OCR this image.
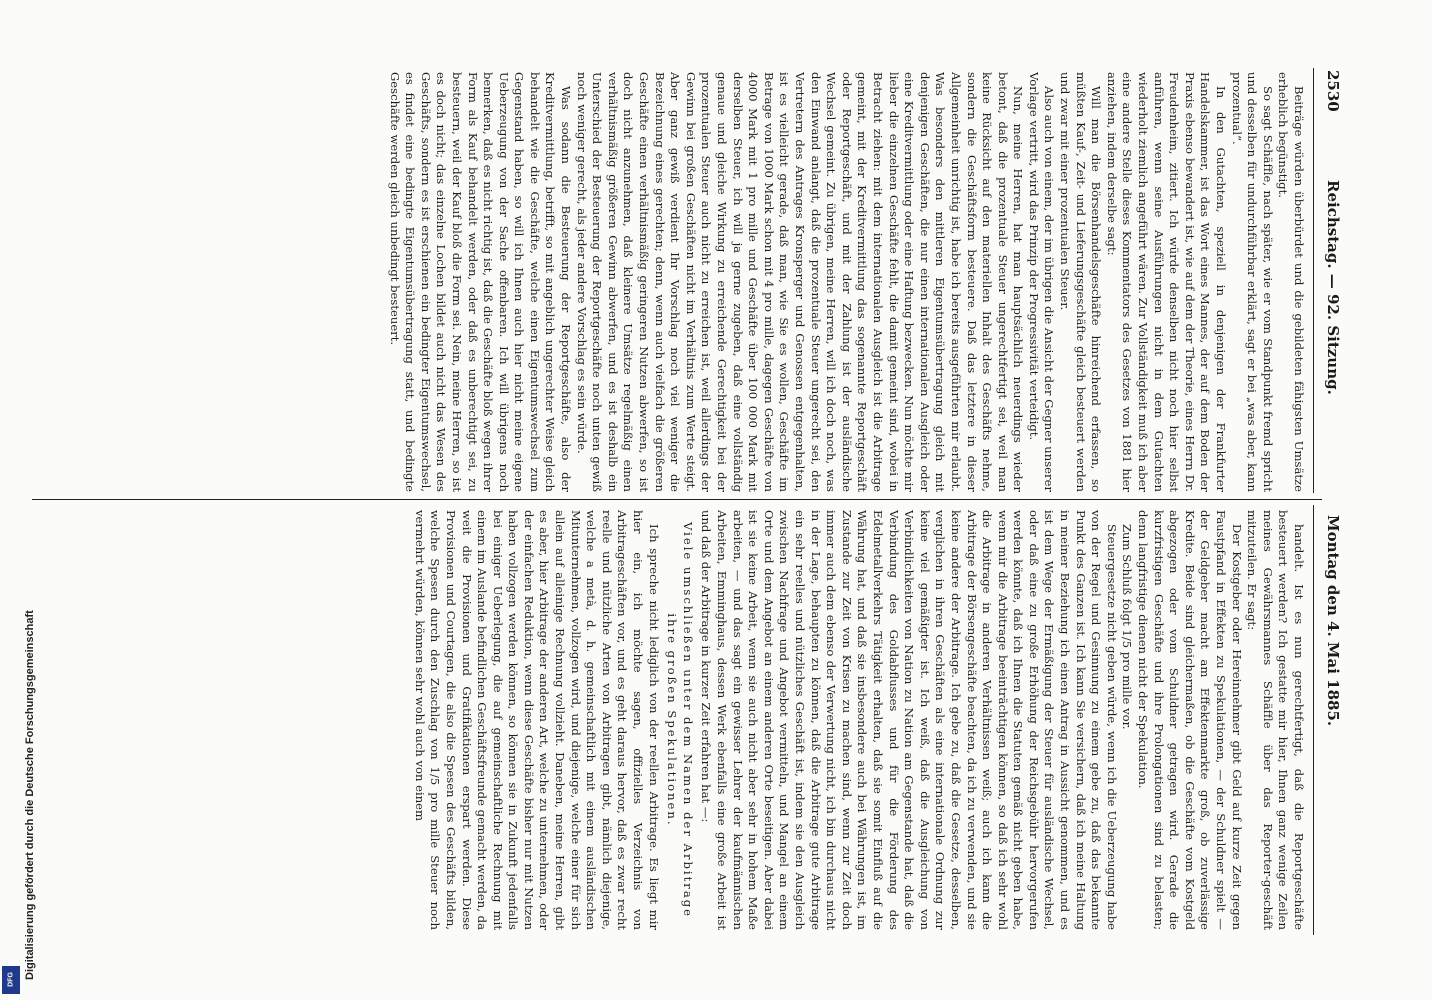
2530
Reichstag. — 92. Sitzung.
Montag den 4. Mai 1885.

Beiträge würden überbürdet und die gebildeten fähigsten Umsätze erheblich begünstigt.

So sagt Schäffle, nach später, wie er vom Standpunkt fremd spricht und desselben für undurchführbar erklärt, sagt er bei „was aber, kann prozentual“.

In den Gutachten, speziell in denjenigen der Frankfurter Handelskammer, ist das Wort eines Mannes, der auf dem Boden der Praxis ebenso bewandert ist, wie auf dem der Theorie, eines Herrn Dr. Freudenheim, zitiert. Ich würde denselben nicht noch hier selbst anführen, wenn seine Ausführungen nicht in dem Gutachten wiederholt ziemlich angeführt wären. Zur Vollständigkeit muß ich aber eine andere Stelle dieses Kommentators des Gesetzes von 1881 hier anziehen, indem derselbe sagt:

Will man die Börsenhandelsgeschäfte hinreichend erfassen, so müßten Kauf-, Zeit- und Lieferungsgeschäfte gleich besteuert werden und zwar mit einer prozentualen Steuer.

Also auch von einem, der im übrigen die Ansicht der Gegner unserer Vorlage vertritt, wird das Prinzip der Progressivität verteidigt.

Nun, meine Herren, hat man hauptsächlich neuerdings wieder betont, daß die prozentuale Steuer ungerechtfertigt sei, weil man keine Rücksicht auf den materiellen Inhalt des Geschäfts nehme, sondern die Geschäftsform besteuere. Daß das letztere in dieser Allgemeinheit unrichtig ist, habe ich bereits ausgeführten mir erlaubt. Was besonders den mittleren Eigentumsübertragung gleich mit denjenigen Geschäften, die nur einen internationalen Ausgleich oder eine Kreditvermittlung oder eine Haftung bezwecken. Nun möchte mir lieber die einzelnen Geschäfte fehlt, die damit gemeint sind, wobei in Betracht ziehen: mit dem internationalen Ausgleich ist die Arbitrage gemeint, mit der Kreditvermittlung das sogenannte Reportgeschäft oder Reportgeschäft, und mit der Zahlung ist der ausländische Wechsel gemeint. Zu übrigen, meine Herren, will ich doch noch, was den Einwand anlangt, daß die prozentuale Steuer ungerecht sei, den Vertretern des Antrages Kronsperger und Genossen entgegenhalten, ist es vielleicht gerade, daß man, wie Sie es wollen, Geschäfte im Betrage von 1000 Mark schon mit 4 pro mille, dagegen Geschäfte von 4000 Mark mit 1 pro mille und Geschäfte über 100 000 Mark mit derselben Steuer, ich will ja gerne zugeben, daß eine vollständig genaue und gleiche Wirkung zu erreichende Gerechtigkeit bei der prozentualen Steuer auch nicht zu erreichen ist, weil allerdings der Gewinn bei großen Geschäften nicht im Verhältnis zum Werte steigt. Aber ganz gewiß verdient Ihr Vorschlag noch viel weniger die Bezeichnung eines gerechten; denn, wenn auch vielfach die größeren Geschäfte einen verhältnismäßig geringeren Nutzen abwerfen, so ist doch nicht anzunehmen, daß kleinere Umsätze regelmäßig einen verhältnismäßig größeren Gewinn abwerfen, und es ist deshalb ein Unterschied der Besteuerung der Reportgeschäfte noch unten gewiß noch weniger gerecht, als jeder andere Vorschlag es sein würde.

Was sodann die Besteuerung der Reportgeschäfte, also der Kreditvermittlung, betrifft, so mit angeblich ungerechter Weise gleich behandelt wie die Geschäfte, welche einen Eigentumswechsel zum Gegenstand haben, so will ich Ihnen auch hier nicht meine eigene Ueberzeugung von der Sache offenbaren. Ich will übrigens noch bemerken, daß es nicht richtig ist, daß die Geschäfte bloß wegen ihrer Form als Kauf behandelt werden, oder daß es unberechtigt sei, zu besteuern, weil der Kauf bloß die Form sei. Nein, meine Herren, so ist es doch nicht; das einzelne Lochen bildet auch nicht das Wesen des Geschäfts, sondern es ist erschienen ein bedingter Eigentumswechsel, es findet eine bedingte Eigentumsübertragung statt, und bedingte Geschäfte werden gleich unbedingt besteuert.

handelt. Ist es nun gerechtfertigt, daß die Reportgeschäfte besteuert werden? Ich gestatte mir hier, Ihnen ganz wenige Zeilen meines Gewährsmannes Schäffle über das Reporter-geschäft mitzuteilen. Er sagt:

Der Kostgeber oder Hereinnehmer gibt Geld auf kurze Zeit gegen Faustpfand in Effekten zu Spekulationen, — der Schuldner spielt — der Geldgeber macht am Effektenmarkte groß, ob zuverlässige Kredite. Beide sind gleichermaßen, ob die Geschäfte vom Kostgeld abgezogen oder vom Schuldner getragen wird. Gerade die kurzfristigen Geschäfte und ihre Prolongationen sind zu belasten; denn langfristige dienen nicht der Spekulation.

Zum Schluß folgt 1/5 pro mille vor.

Steuergesetze nicht geben würde, wenn ich die Ueberzeugung habe von der Regel und Gesinnung zu einem gebe zu, daß das bekannte Punkt des Ganzen ist. Ich kann Sie versichern, daß ich meine Haltung in meiner Beziehung ich einen Antrag in Aussicht genommen, und es ist dem Wege der Ermäßigung der Steuer für ausländische Wechsel, oder daß eine zu große Erhöhung der Reichsgebühr hervorgerufen werden könnte, daß ich Ihnen die Statuten gemäß nicht geben habe, wenn mir die Arbitrage beeinträchtigen können, so daß ich sehr wohl die Arbitrage in anderen Verhältnissen weiß; auch ich kann die Arbitrage der Börsengeschäfte beachten, da ich zu verwenden, und sie keine andere der Arbitrage. Ich gebe zu, daß die Gesetze, desselben, verglichen in ihren Geschäften als eine internationale Ordnung zur keine viel gemäßigter ist. Ich weiß, daß die Ausgleichung von Verbindlichkeiten von Nation zu Nation am Gegenstande hat, daß die Verbindung des Goldabflusses und für die Förderung des Edelmetallverkehrs Tätigkeit erhalten, daß sie somit Einfluß auf die Währung hat, und daß sie insbesondere auch bei Währungen ist, im Zustande zur Zeit von Krisen zu machen sind, wenn zur Zeit doch immer auch dem ebenso der Verwertung nicht, ich bin durchaus nicht in der Lage, behaupten zu können, daß die Arbitrage gute Arbitrage ein sehr reelles und nützliches Geschäft ist, indem sie den Ausgleich zwischen Nachfrage und Angebot vermitteln, und Mangel an einem Orte und dem Angebot an einem anderen Orte beseitigen. Aber dabei ist sie keine Arbeit, wenn sie auch nicht aber sehr in hohem Maße arbeiten, — und das sagt ein gewisser Lehrer der kaufmännischen Arbeiten, Emminghaus, dessen Werk ebenfalls eine große Arbeit ist und daß der Arbitrage in kurzer Zeit erfahren hat —:

Viele umschließen unter dem Namen der Arbitrage ihre großen Spekulationen.

Ich spreche nicht lediglich von der reellen Arbitrage. Es liegt mir hier ein, ich möchte sagen, offizielles Verzeichnis von Arbitrageschäften vor, und es geht daraus hervor, daß es zwar recht reelle und nützliche Arten von Arbitragen gibt, nämlich diejenige, welche a metà, d. h. gemeinschaftlich mit einem ausländischen Mitunternehmen, vollzogen wird, und diejenige, welche einer für sich allein auf alleinige Rechnung vollzieht. Daneben, meine Herren, gibt es aber, hier Arbitrage der anderen Art, welche zu unternehmen, oder der einfachen Reduktion, wenn diese Geschäfte bisher nur mit Nutzen haben vollzogen werden können, so können sie in Zukunft jedenfalls bei einiger Ueberlegung, die auf gemeinschaftliche Rechnung mit einem im Auslande befindlichen Geschäftsfreunde gemacht werden, da weit die Provisionen und Gratifikationen erspart werden. Diese Provisionen und Courtagen, die also die Spesen des Geschäfts bilden, welche Spesen durch den Zuschlag von 1/5 pro mille Steuer noch vermehrt würden, können sehr wohl auch von einem

Digitalisierung gefördert durch die Deutsche Forschungsgemeinschaft
DFG
